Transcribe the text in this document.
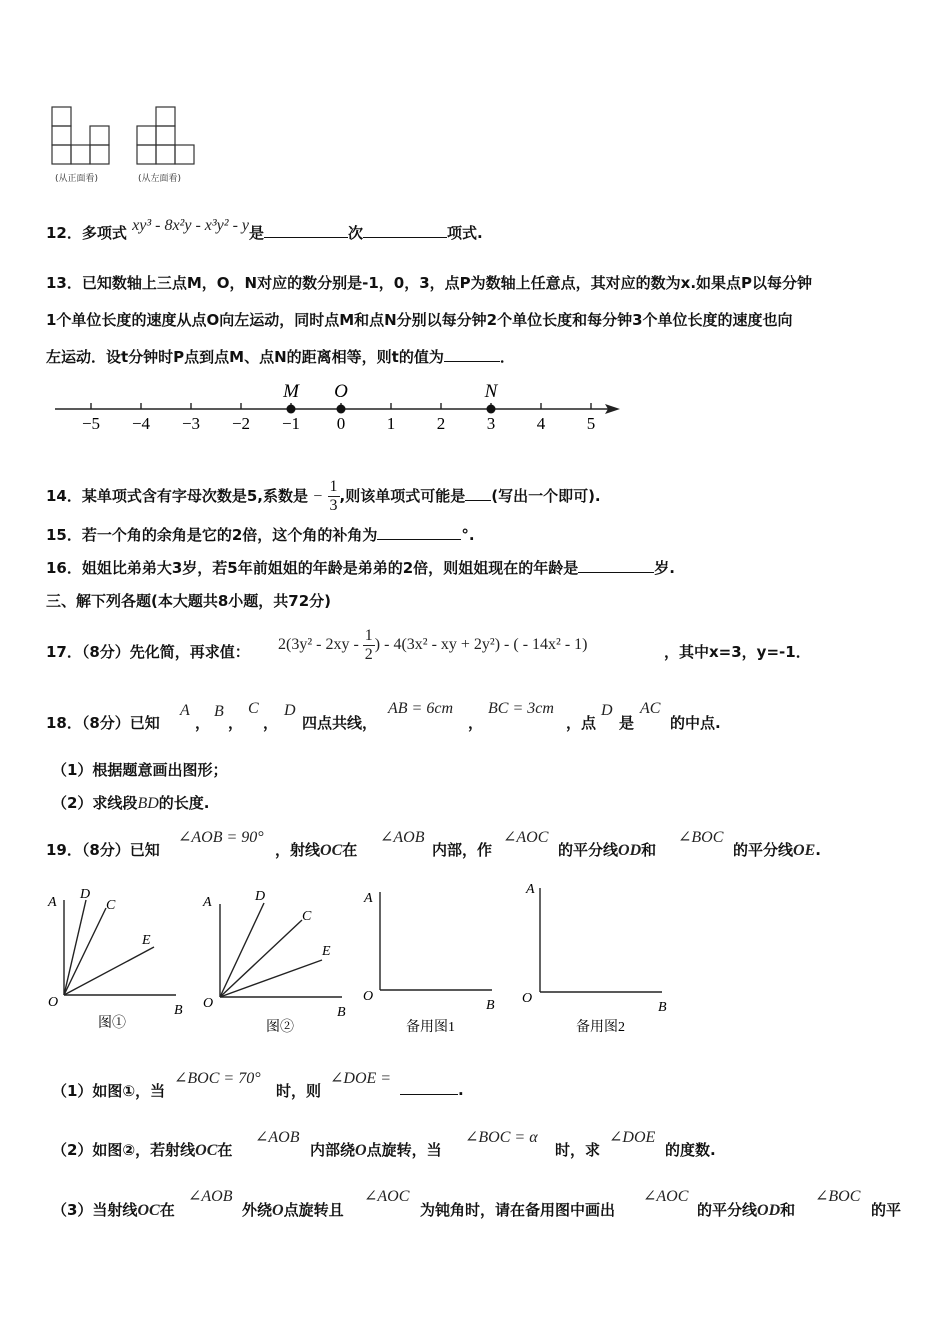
(从正面看)	(从左面看)
12．多项式 xy³ - 8x²y - x³y² - y是	次	项式.
13．已知数轴上三点M，O，N对应的数分别是-1，0，3，点P为数轴上任意点，其对应的数为x.如果点P以每分钟
1个单位长度的速度从点O向左运动，同时点M和点N分别以每分钟2个单位长度和每分钟3个单位长度的速度也向
左运动．设t分钟时P点到点M、点N的距离相等，则t的值为	．
−5 −4 −3 −2 −1 0 1 2 3 4 5
M O	N
14．某单项式含有字母次数是5,系数是 − $\frac{1}{3}$ ,则该单项式可能是 (写出一个即可).
15．若一个角的余角是它的2倍，这个角的补角为	°.
16．姐姐比弟弟大3岁，若5年前姐姐的年龄是弟弟的2倍，则姐姐现在的年龄是	岁.
三、解下列各题(本大题共8小题，共72分)
17．（8分）先化简，再求值： $2(3y^2 - 2xy - \frac{1}{2}$ ) - 4(3x² - xy + 2y²) - ( - 14x² - 1)	，其中x=3，y=-1．
18．（8分）已知
A
，
B
，
C
，
D
四点共线，
AB = 6cm
，
BC = 3cm
，点
D
是
AC
的中点.
（1）根据题意画出图形；
（2）求线段BD的长度.
19．（8分）已知
∠AOB = 90°
，射线OC在
∠AOB
内部，作
∠AOC
的平分线OD和
∠BOC
的平分线OE.
O
B
A
D
C
E
图①
O
B
A	D
C
E
图②
O
B
A
备用图1
O
B
A
备用图2
（1）如图①，当
∠BOC = 70°
时，则
∠DOE =
.
（2）如图②，若射线OC在
∠AOB
内部绕O点旋转，当
∠BOC = α
时，求
∠DOE
的度数.
（3）当射线OC在
∠AOB
外绕O点旋转且
∠AOC
为钝角时，请在备用图中画出
∠AOC
的平分线OD和
∠BOC
的平
